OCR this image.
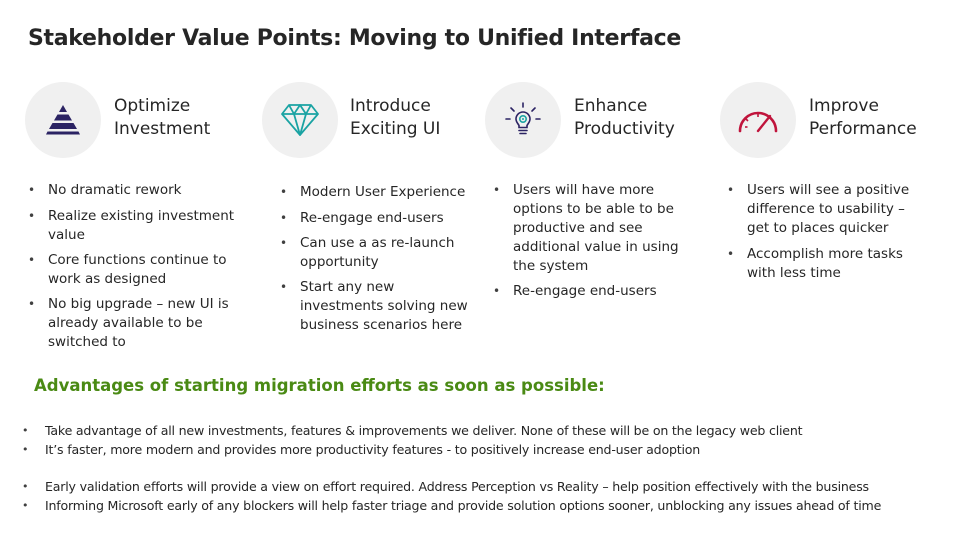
Stakeholder Value Points: Moving to Unified Interface
Optimize
Investment
• No dramatic rework
• Realize existing investment value
• Core functions continue to work as designed
• No big upgrade – new UI is already available to be switched to
Introduce
Exciting UI
• Modern User Experience
• Re-engage end-users
• Can use a as re-launch opportunity
• Start any new investments solving new business scenarios here
Enhance
Productivity
• Users will have more options to be able to be productive and see additional value in using the system
• Re-engage end-users
Improve
Performance
• Users will see a positive difference to usability – get to places quicker
• Accomplish more tasks with less time
Advantages of starting migration efforts as soon as possible:
• Take advantage of all new investments, features & improvements we deliver. None of these will be on the legacy web client
• It’s faster, more modern and provides more productivity features - to positively increase end-user adoption
• Early validation efforts will provide a view on effort required. Address Perception vs Reality – help position effectively with the business
• Informing Microsoft early of any blockers will help faster triage and provide solution options sooner, unblocking any issues ahead of time
